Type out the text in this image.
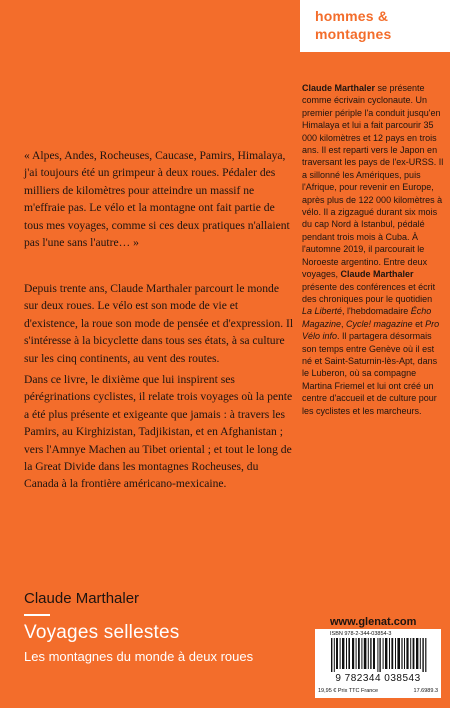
hommes &
montagnes

Claude Marthaler se présente comme écrivain cyclonaute. Un premier périple l'a conduit jusqu'en Himalaya et lui a fait parcourir 35 000 kilomètres et 12 pays en trois ans. Il est reparti vers le Japon en traversant les pays de l'ex-URSS. Il a sillonné les Amériques, puis l'Afrique, pour revenir en Europe, après plus de 122 000 kilomètres à vélo. Il a zigzagué durant six mois du cap Nord à Istanbul, pédalé pendant trois mois à Cuba. À l'automne 2019, il parcourait le Noroeste argentino. Entre deux voyages, Claude Marthaler présente des conférences et écrit des chroniques pour le quotidien La Liberté, l'hebdomadaire Écho Magazine, Cycle! magazine et Pro Vélo info. Il partagera désormais son temps entre Genève où il est né et Saint-Saturnin-lès-Apt, dans le Luberon, où sa compagne Martina Friemel et lui ont créé un centre d'accueil et de culture pour les cyclistes et les marcheurs.

« Alpes, Andes, Rocheuses, Caucase, Pamirs, Himalaya, j'ai toujours été un grimpeur à deux roues. Pédaler des milliers de kilomètres pour atteindre un massif ne m'effraie pas. Le vélo et la montagne ont fait partie de tous mes voyages, comme si ces deux pratiques n'allaient pas l'une sans l'autre… »

Depuis trente ans, Claude Marthaler parcourt le monde sur deux roues. Le vélo est son mode de vie et d'existence, la roue son mode de pensée et d'expression. Il s'intéresse à la bicyclette dans tous ses états, à sa culture sur les cinq continents, au vent des routes.

Dans ce livre, le dixième que lui inspirent ses pérégrinations cyclistes, il relate trois voyages où la pente a été plus présente et exigeante que jamais : à travers les Pamirs, au Kirghizistan, Tadjikistan, et en Afghanistan ; vers l'Amnye Machen au Tibet oriental ; et tout le long de la Great Divide dans les montagnes Rocheuses, du Canada à la frontière américano-mexicaine.

Claude Marthaler
Voyages sellestes
Les montagnes du monde à deux roues
www.glenat.com
ISBN 978-2-344-03854-3
9 782344 038543
19,95 € Prix TTC France	17.6989.3
